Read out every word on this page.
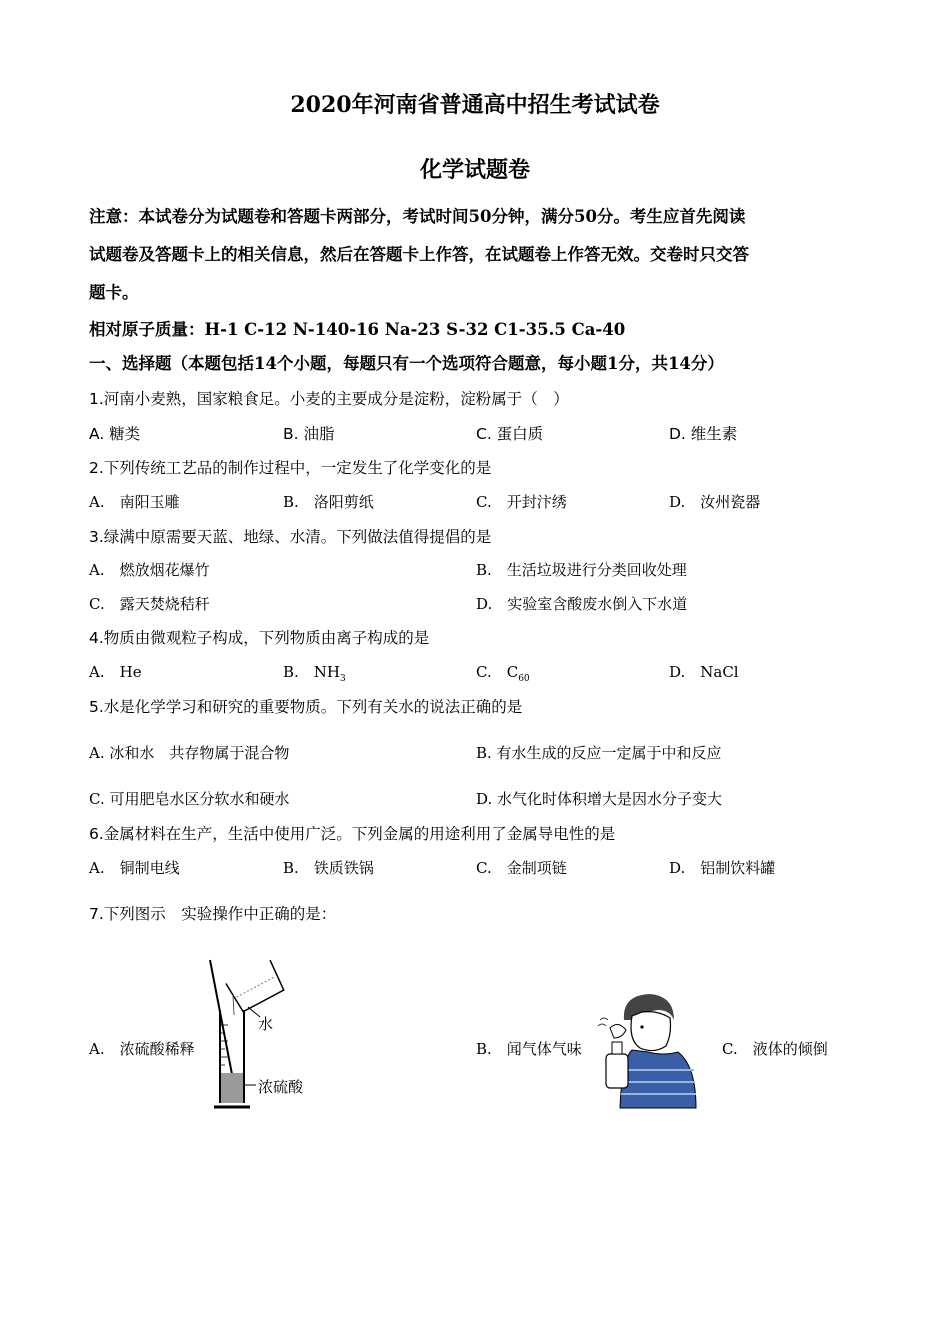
2020年河南省普通高中招生考试试卷
化学试题卷
注意：本试卷分为试题卷和答题卡两部分，考试时间50分钟，满分50分。考生应首先阅读
试题卷及答题卡上的相关信息，然后在答题卡上作答，在试题卷上作答无效。交卷时只交答
题卡。
相对原子质量：H-1 C-12 N-140-16 Na-23 S-32 C1-35.5 Ca-40
一、选择题（本题包括14个小题，每题只有一个选项符合题意，每小题1分，共14分）
1.河南小麦熟，国家粮食足。小麦的主要成分是淀粉，淀粉属于（　）
A. 糖类	B. 油脂	C. 蛋白质	D. 维生素
2.下列传统工艺品的制作过程中，一定发生了化学变化的是
A.　南阳玉雕	B.　洛阳剪纸	C.　开封汴绣	D.　汝州瓷器
3.绿满中原需要天蓝、地绿、水清。下列做法值得提倡的是
A.　燃放烟花爆竹	B.　生活垃圾进行分类回收处理
C.　露天焚烧秸秆	D.　实验室含酸废水倒入下水道
4.物质由微观粒子构成，下列物质由离子构成的是
A.　He	B.　$NH_3$	C.　$C_{60}$	D.　NaCl
5.水是化学学习和研究的重要物质。下列有关水的说法正确的是
A. 冰和水　共存物属于混合物	B. 有水生成的反应一定属于中和反应
C. 可用肥皂水区分软水和硬水	D. 水气化时体积增大是因水分子变大
6.金属材料在生产，生活中使用广泛。下列金属的用途利用了金属导电性的是
A.　铜制电线	B.　铁质铁锅	C.　金制项链	D.　铝制饮料罐
7.下列图示　实验操作中正确的是：
A.　浓硫酸稀释	B.　闻气体气味	C.　液体的倾倒
水
浓硫酸
